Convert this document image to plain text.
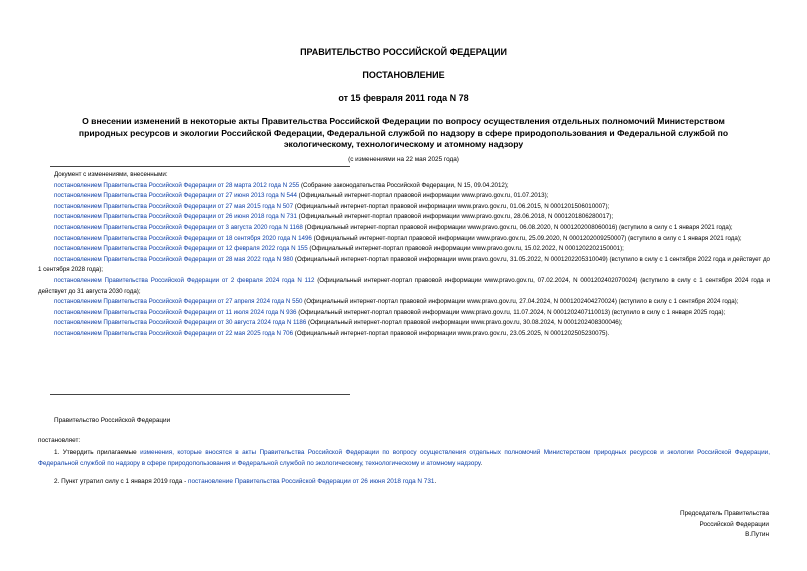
ПРАВИТЕЛЬСТВО РОССИЙСКОЙ ФЕДЕРАЦИИ
ПОСТАНОВЛЕНИЕ
от 15 февраля 2011 года N 78
О внесении изменений в некоторые акты Правительства Российской Федерации по вопросу осуществления отдельных полномочий Министерством природных ресурсов и экологии Российской Федерации, Федеральной службой по надзору в сфере природопользования и Федеральной службой по экологическому, технологическому и атомному надзору
(с изменениями на 22 мая 2025 года)
Документ с изменениями, внесенными:
постановлением Правительства Российской Федерации от 28 марта 2012 года N 255 (Собрание законодательства Российской Федерации, N 15, 09.04.2012);
постановлением Правительства Российской Федерации от 27 июня 2013 года N 544 (Официальный интернет-портал правовой информации www.pravo.gov.ru, 01.07.2013);
постановлением Правительства Российской Федерации от 27 мая 2015 года N 507 (Официальный интернет-портал правовой информации www.pravo.gov.ru, 01.06.2015, N 0001201506010007);
постановлением Правительства Российской Федерации от 26 июня 2018 года N 731 (Официальный интернет-портал правовой информации www.pravo.gov.ru, 28.06.2018, N 0001201806280017);
постановлением Правительства Российской Федерации от 3 августа 2020 года N 1168 (Официальный интернет-портал правовой информации www.pravo.gov.ru, 06.08.2020, N 0001202008060016) (вступило в силу с 1 января 2021 года);
постановлением Правительства Российской Федерации от 18 сентября 2020 года N 1496 (Официальный интернет-портал правовой информации www.pravo.gov.ru, 25.09.2020, N 0001202009250007) (вступило в силу с 1 января 2021 года);
постановлением Правительства Российской Федерации от 12 февраля 2022 года N 155 (Официальный интернет-портал правовой информации www.pravo.gov.ru, 15.02.2022, N 0001202202150001);
постановлением Правительства Российской Федерации от 28 мая 2022 года N 980 (Официальный интернет-портал правовой информации www.pravo.gov.ru, 31.05.2022, N 0001202205310049) (вступило в силу с 1 сентября 2022 года и действует до 1 сентября 2028 года);
постановлением Правительства Российской Федерации от 2 февраля 2024 года N 112 (Официальный интернет-портал правовой информации www.pravo.gov.ru, 07.02.2024, N 0001202402070024) (вступило в силу с 1 сентября 2024 года и действует до 31 августа 2030 года);
постановлением Правительства Российской Федерации от 27 апреля 2024 года N 550 (Официальный интернет-портал правовой информации www.pravo.gov.ru, 27.04.2024, N 0001202404270024) (вступило в силу с 1 сентября 2024 года);
постановлением Правительства Российской Федерации от 11 июля 2024 года N 936 (Официальный интернет-портал правовой информации www.pravo.gov.ru, 11.07.2024, N 0001202407110013) (вступило в силу с 1 января 2025 года);
постановлением Правительства Российской Федерации от 30 августа 2024 года N 1186 (Официальный интернет-портал правовой информации www.pravo.gov.ru, 30.08.2024, N 0001202408300046);
постановлением Правительства Российской Федерации от 22 мая 2025 года N 706 (Официальный интернет-портал правовой информации www.pravo.gov.ru, 23.05.2025, N 0001202505230075).
Правительство Российской Федерации
постановляет:
1. Утвердить прилагаемые изменения, которые вносятся в акты Правительства Российской Федерации по вопросу осуществления отдельных полномочий Министерством природных ресурсов и экологии Российской Федерации, Федеральной службой по надзору в сфере природопользования и Федеральной службой по экологическому, технологическому и атомному надзору.
2. Пункт утратил силу с 1 января 2019 года - постановление Правительства Российской Федерации от 26 июня 2018 года N 731.
Председатель Правительства
Российской Федерации
В.Путин
